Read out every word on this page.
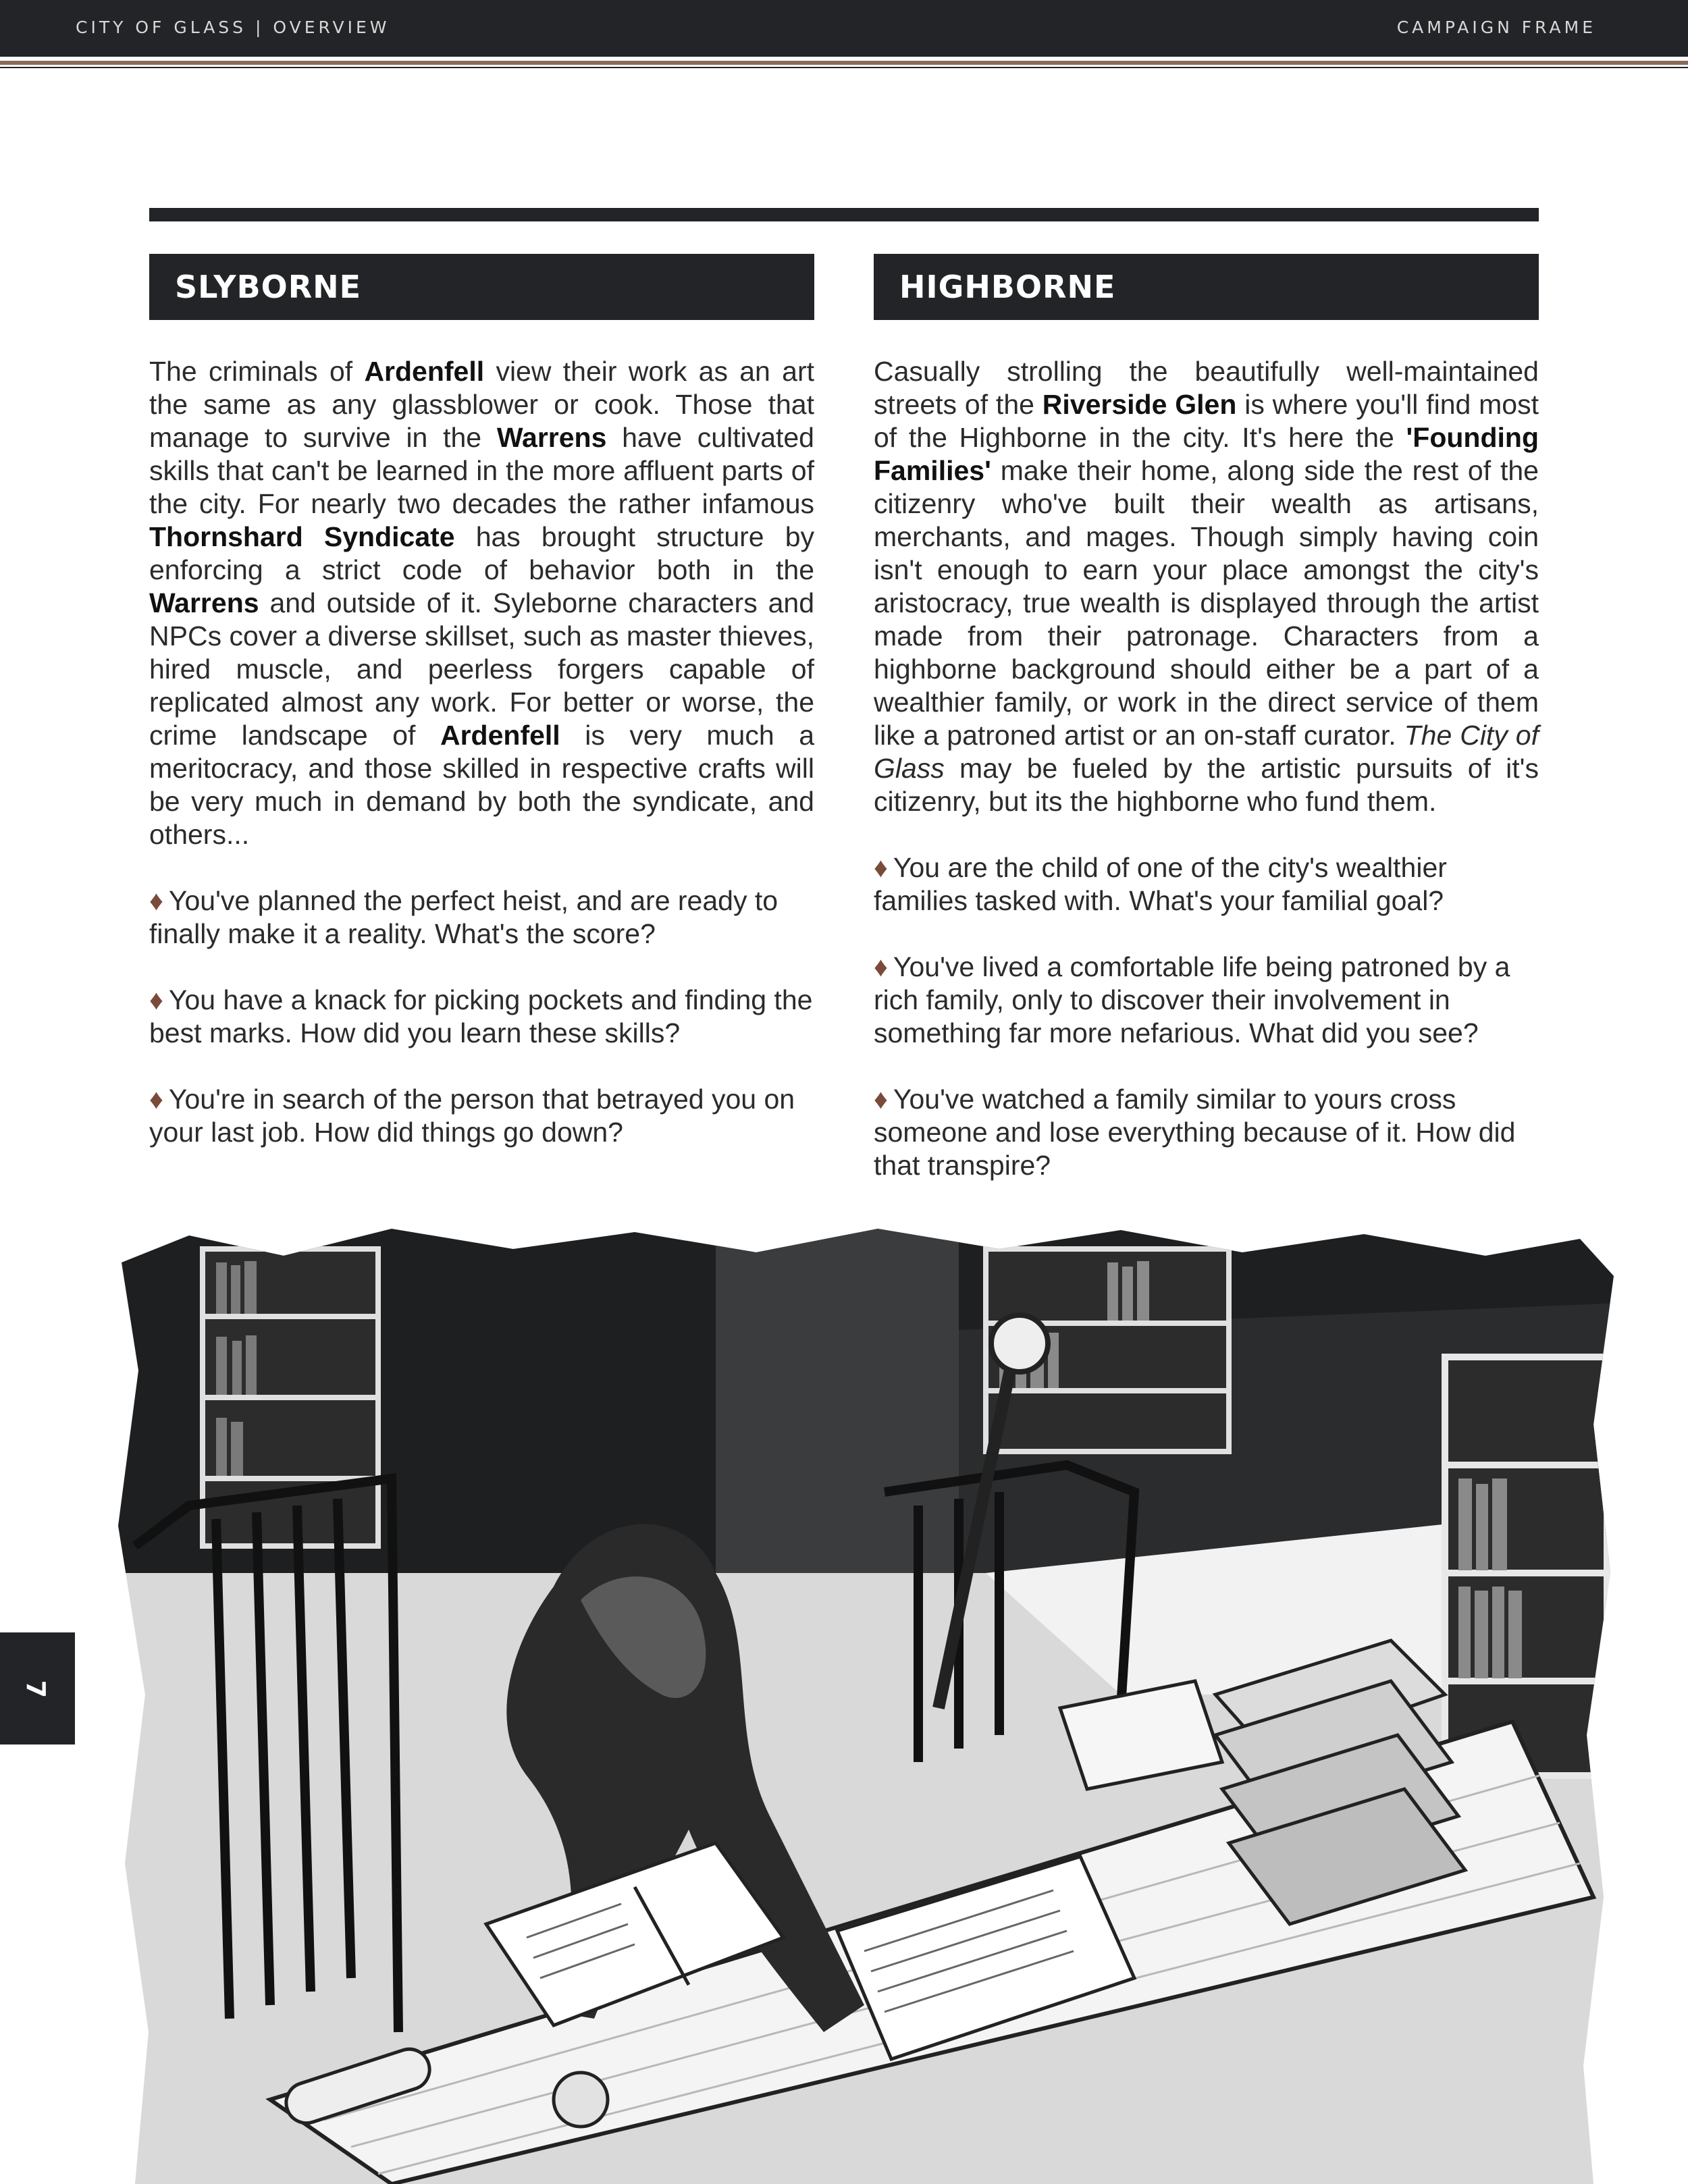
CITY OF GLASS | OVERVIEW	CAMPAIGN FRAME
SLYBORNE
The criminals of Ardenfell view their work as an art the same as any glassblower or cook. Those that manage to survive in the Warrens have cultivated skills that can't be learned in the more affluent parts of the city. For nearly two decades the rather infamous Thornshard Syndicate has brought structure by enforcing a strict code of behavior both in the Warrens and outside of it. Syleborne characters and NPCs cover a diverse skillset, such as master thieves, hired muscle, and peerless forgers capable of replicated almost any work. For better or worse, the crime landscape of Ardenfell is very much a meritocracy, and those skilled in respective crafts will be very much in demand by both the syndicate, and others...
♦ You've planned the perfect heist, and are ready to finally make it a reality. What's the score?
♦ You have a knack for picking pockets and finding the best marks. How did you learn these skills?
♦ You're in search of the person that betrayed you on your last job. How did things go down?
HIGHBORNE
Casually strolling the beautifully well-maintained streets of the Riverside Glen is where you'll find most of the Highborne in the city. It's here the 'Founding Families' make their home, along side the rest of the citizenry who've built their wealth as artisans, merchants, and mages. Though simply having coin isn't enough to earn your place amongst the city's aristocracy, true wealth is displayed through the artist made from their patronage. Characters from a highborne background should either be a part of a wealthier family, or work in the direct service of them like a patroned artist or an on-staff curator. The City of Glass may be fueled by the artistic pursuits of it's citizenry, but its the highborne who fund them.
♦ You are the child of one of the city's wealthier families tasked with. What's your familial goal?
♦ You've lived a comfortable life being patroned by a rich family, only to discover their involvement in something far more nefarious. What did you see?
♦ You've watched a family similar to yours cross someone and lose everything because of it. How did that transpire?
7
